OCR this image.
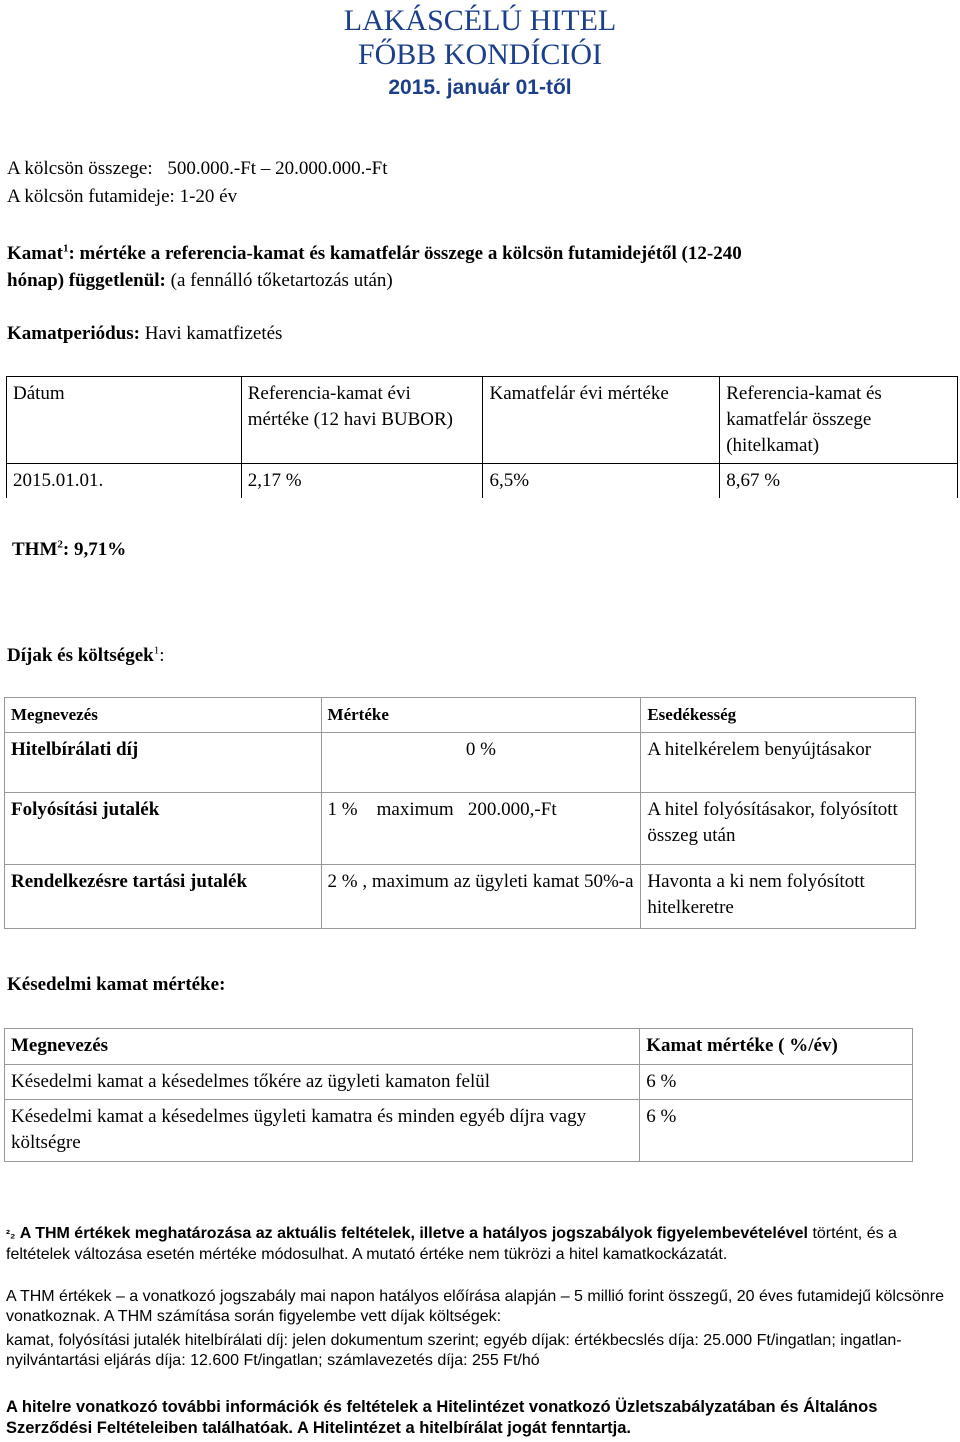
LAKÁSCÉLÚ HITEL
FŐBB KONDÍCIÓI
2015. január 01-től
A kölcsön összege: 500.000.-Ft – 20.000.000.-Ft
A kölcsön futamideje: 1-20 év
Kamat$^1$: mértéke a referencia-kamat és kamatfelár összege a kölcsön futamidejétől (12-240
hónap) függetlenül: (a fennálló tőketartozás után)
Kamatperiódus: Havi kamatfizetés
Dátum	Referencia-kamat évi mértéke (12 havi BUBOR)	Kamatfelár évi mértéke	Referencia-kamat és kamatfelár összege (hitelkamat)
2015.01.01.	2,17 %	6,5%	8,67 %
THM$^2$: 9,71%
Díjak és költségek$^1$:
Megnevezés	Mértéke	Esedékesség
Hitelbírálati díj	0 %	A hitelkérelem benyújtásakor
Folyósítási jutalék	1 %    maximum   200.000,-Ft	A hitel folyósításakor, folyósított összeg után
Rendelkezésre tartási jutalék	2 % , maximum az ügyleti kamat 50%-a	Havonta a ki nem folyósított hitelkeretre
Késedelmi kamat mértéke:
Megnevezés	Kamat mértéke ( %/év)
Késedelmi kamat a késedelmes tőkére az ügyleti kamaton felül	6 %
Késedelmi kamat a késedelmes ügyleti kamatra és minden egyéb díjra vagy költségre	6 %
²₂ A THM értékek meghatározása az aktuális feltételek, illetve a hatályos jogszabályok figyelembevételével történt, és a feltételek változása esetén mértéke módosulhat. A mutató értéke nem tükrözi a hitel kamatkockázatát.
A THM értékek – a vonatkozó jogszabály mai napon hatályos előírása alapján – 5 millió forint összegű, 20 éves futamidejű kölcsönre vonatkoznak. A THM számítása során figyelembe vett díjak költségek:
kamat, folyósítási jutalék hitelbírálati díj: jelen dokumentum szerint; egyéb díjak: értékbecslés díja: 25.000 Ft/ingatlan; ingatlan-nyilvántartási eljárás díja: 12.600 Ft/ingatlan; számlavezetés díja: 255 Ft/hó
A hitelre vonatkozó további információk és feltételek a Hitelintézet vonatkozó Üzletszabályzatában és Általános Szerződési Feltételeiben találhatóak. A Hitelintézet a hitelbírálat jogát fenntartja.
